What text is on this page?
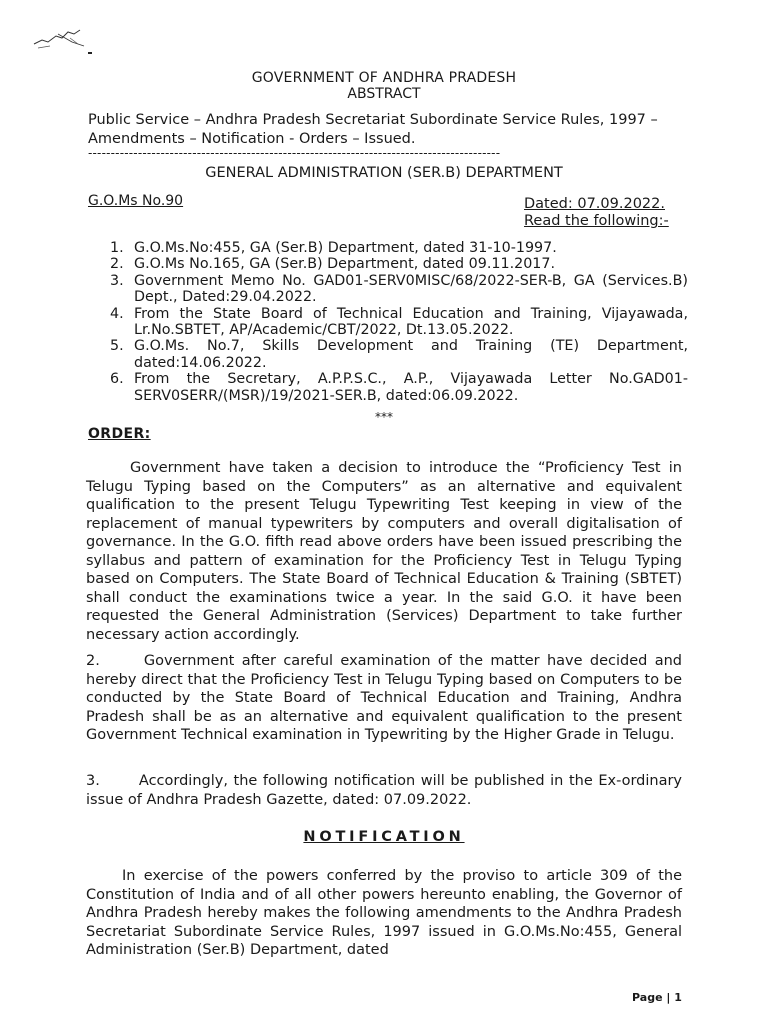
GOVERNMENT OF ANDHRA PRADESH
ABSTRACT
Public Service – Andhra Pradesh Secretariat Subordinate Service Rules, 1997 – Amendments – Notification - Orders – Issued.
-------------------------------------------------------------------------------------------
GENERAL ADMINISTRATION (SER.B) DEPARTMENT
G.O.Ms No.90	Dated: 07.09.2022.
Read the following:-
1. G.O.Ms.No:455, GA (Ser.B) Department, dated 31-10-1997.
2. G.O.Ms No.165, GA (Ser.B) Department, dated 09.11.2017.
3. Government Memo No. GAD01-SERV0MISC/68/2022-SER-B, GA (Services.B) Dept., Dated:29.04.2022.
4. From the State Board of Technical Education and Training, Vijayawada, Lr.No.SBTET, AP/Academic/CBT/2022, Dt.13.05.2022.
5. G.O.Ms. No.7, Skills Development and Training (TE) Department, dated:14.06.2022.
6. From the Secretary, A.P.P.S.C., A.P., Vijayawada Letter No.GAD01-SERV0SERR/(MSR)/19/2021-SER.B, dated:06.09.2022.
***
ORDER:

Government have taken a decision to introduce the “Proficiency Test in Telugu Typing based on the Computers” as an alternative and equivalent qualification to the present Telugu Typewriting Test keeping in view of the replacement of manual typewriters by computers and overall digitalisation of governance. In the G.O. fifth read above orders have been issued prescribing the syllabus and pattern of examination for the Proficiency Test in Telugu Typing based on Computers. The State Board of Technical Education & Training (SBTET) shall conduct the examinations twice a year. In the said G.O. it have been requested the General Administration (Services) Department to take further necessary action accordingly.

2.      Government after careful examination of the matter have decided and hereby direct that the Proficiency Test in Telugu Typing based on Computers to be conducted by the State Board of Technical Education and Training, Andhra Pradesh shall be as an alternative and equivalent qualification to the present Government Technical examination in Typewriting by the Higher Grade in Telugu.

3.       Accordingly, the following notification will be published in the Ex-ordinary issue of Andhra Pradesh Gazette, dated: 07.09.2022.

NOTIFICATION

In exercise of the powers conferred by the proviso to article 309 of the Constitution of India and of all other powers hereunto enabling, the Governor of Andhra Pradesh hereby makes the following amendments to the Andhra Pradesh Secretariat Subordinate Service Rules, 1997 issued in G.O.Ms.No:455, General Administration (Ser.B) Department, dated

Page | 1
